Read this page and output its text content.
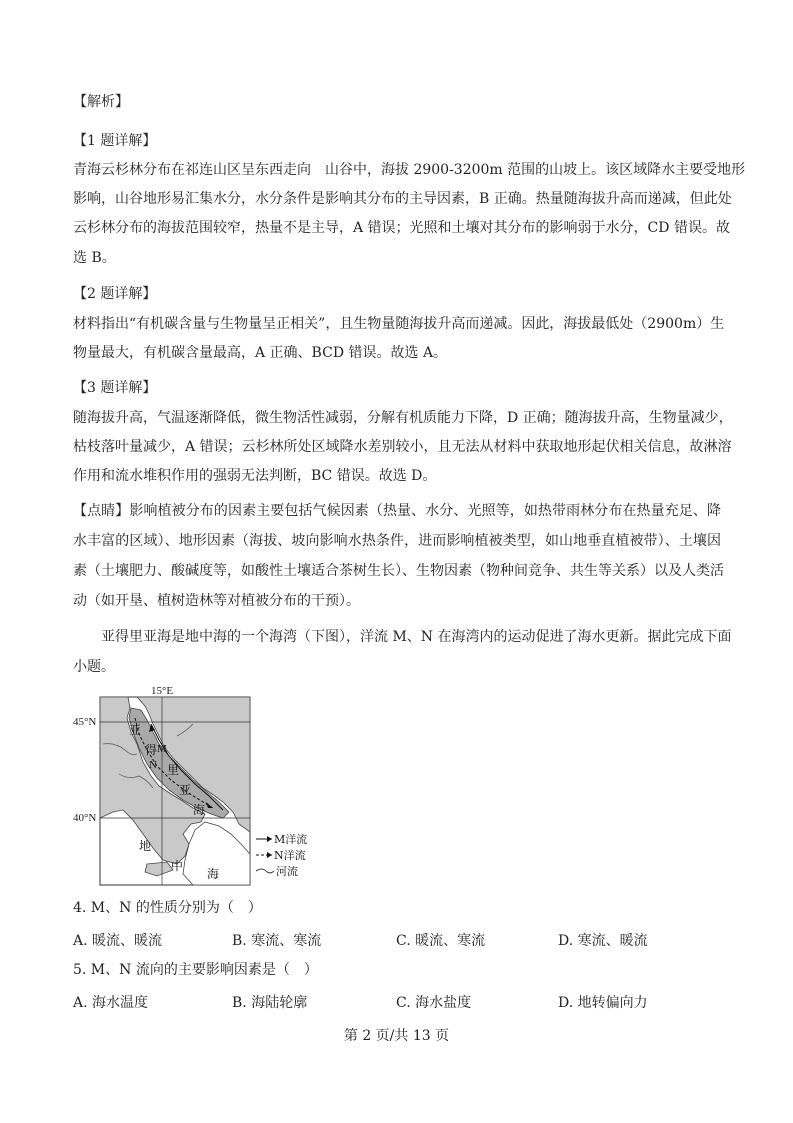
【解析】
【1 题详解】
青海云杉林分布在祁连山区呈东西走向　山谷中，海拔 2900-3200m 范围的山坡上。该区域降水主要受地形
影响，山谷地形易汇集水分，水分条件是影响其分布的主导因素，B 正确。热量随海拔升高而递减，但此处
云杉林分布的海拔范围较窄，热量不是主导，A 错误；光照和土壤对其分布的影响弱于水分，CD 错误。故
选 B。
【2 题详解】
材料指出“有机碳含量与生物量呈正相关”，且生物量随海拔升高而递减。因此，海拔最低处（2900m）生
物量最大，有机碳含量最高，A 正确、BCD 错误。故选 A。
【3 题详解】
随海拔升高，气温逐渐降低，微生物活性减弱，分解有机质能力下降，D 正确；随海拔升高，生物量减少，
枯枝落叶量减少，A 错误；云杉林所处区域降水差别较小，且无法从材料中获取地形起伏相关信息，故淋溶
作用和流水堆积作用的强弱无法判断，BC 错误。故选 D。
【点睛】影响植被分布的因素主要包括气候因素（热量、水分、光照等，如热带雨林分布在热量充足、降
水丰富的区域）、地形因素（海拔、坡向影响水热条件，进而影响植被类型，如山地垂直植被带）、土壤因
素（土壤肥力、酸碱度等，如酸性土壤适合茶树生长）、生物因素（物种间竞争、共生等关系）以及人类活
动（如开垦、植树造林等对植被分布的干预）。
亚得里亚海是地中海的一个海湾（下图），洋流 M、N 在海湾内的运动促进了海水更新。据此完成下面
小题。
15°E
45°N
40°N
亚
得
里
亚
海
M
N
地
中
海
M洋流
N洋流
河流
4. M、N 的性质分别为（　）
A. 暖流、暖流	B. 寒流、寒流	C. 暖流、寒流	D. 寒流、暖流
5. M、N 流向的主要影响因素是（　）
A. 海水温度	B. 海陆轮廓	C. 海水盐度	D. 地转偏向力
第 2 页/共 13 页
